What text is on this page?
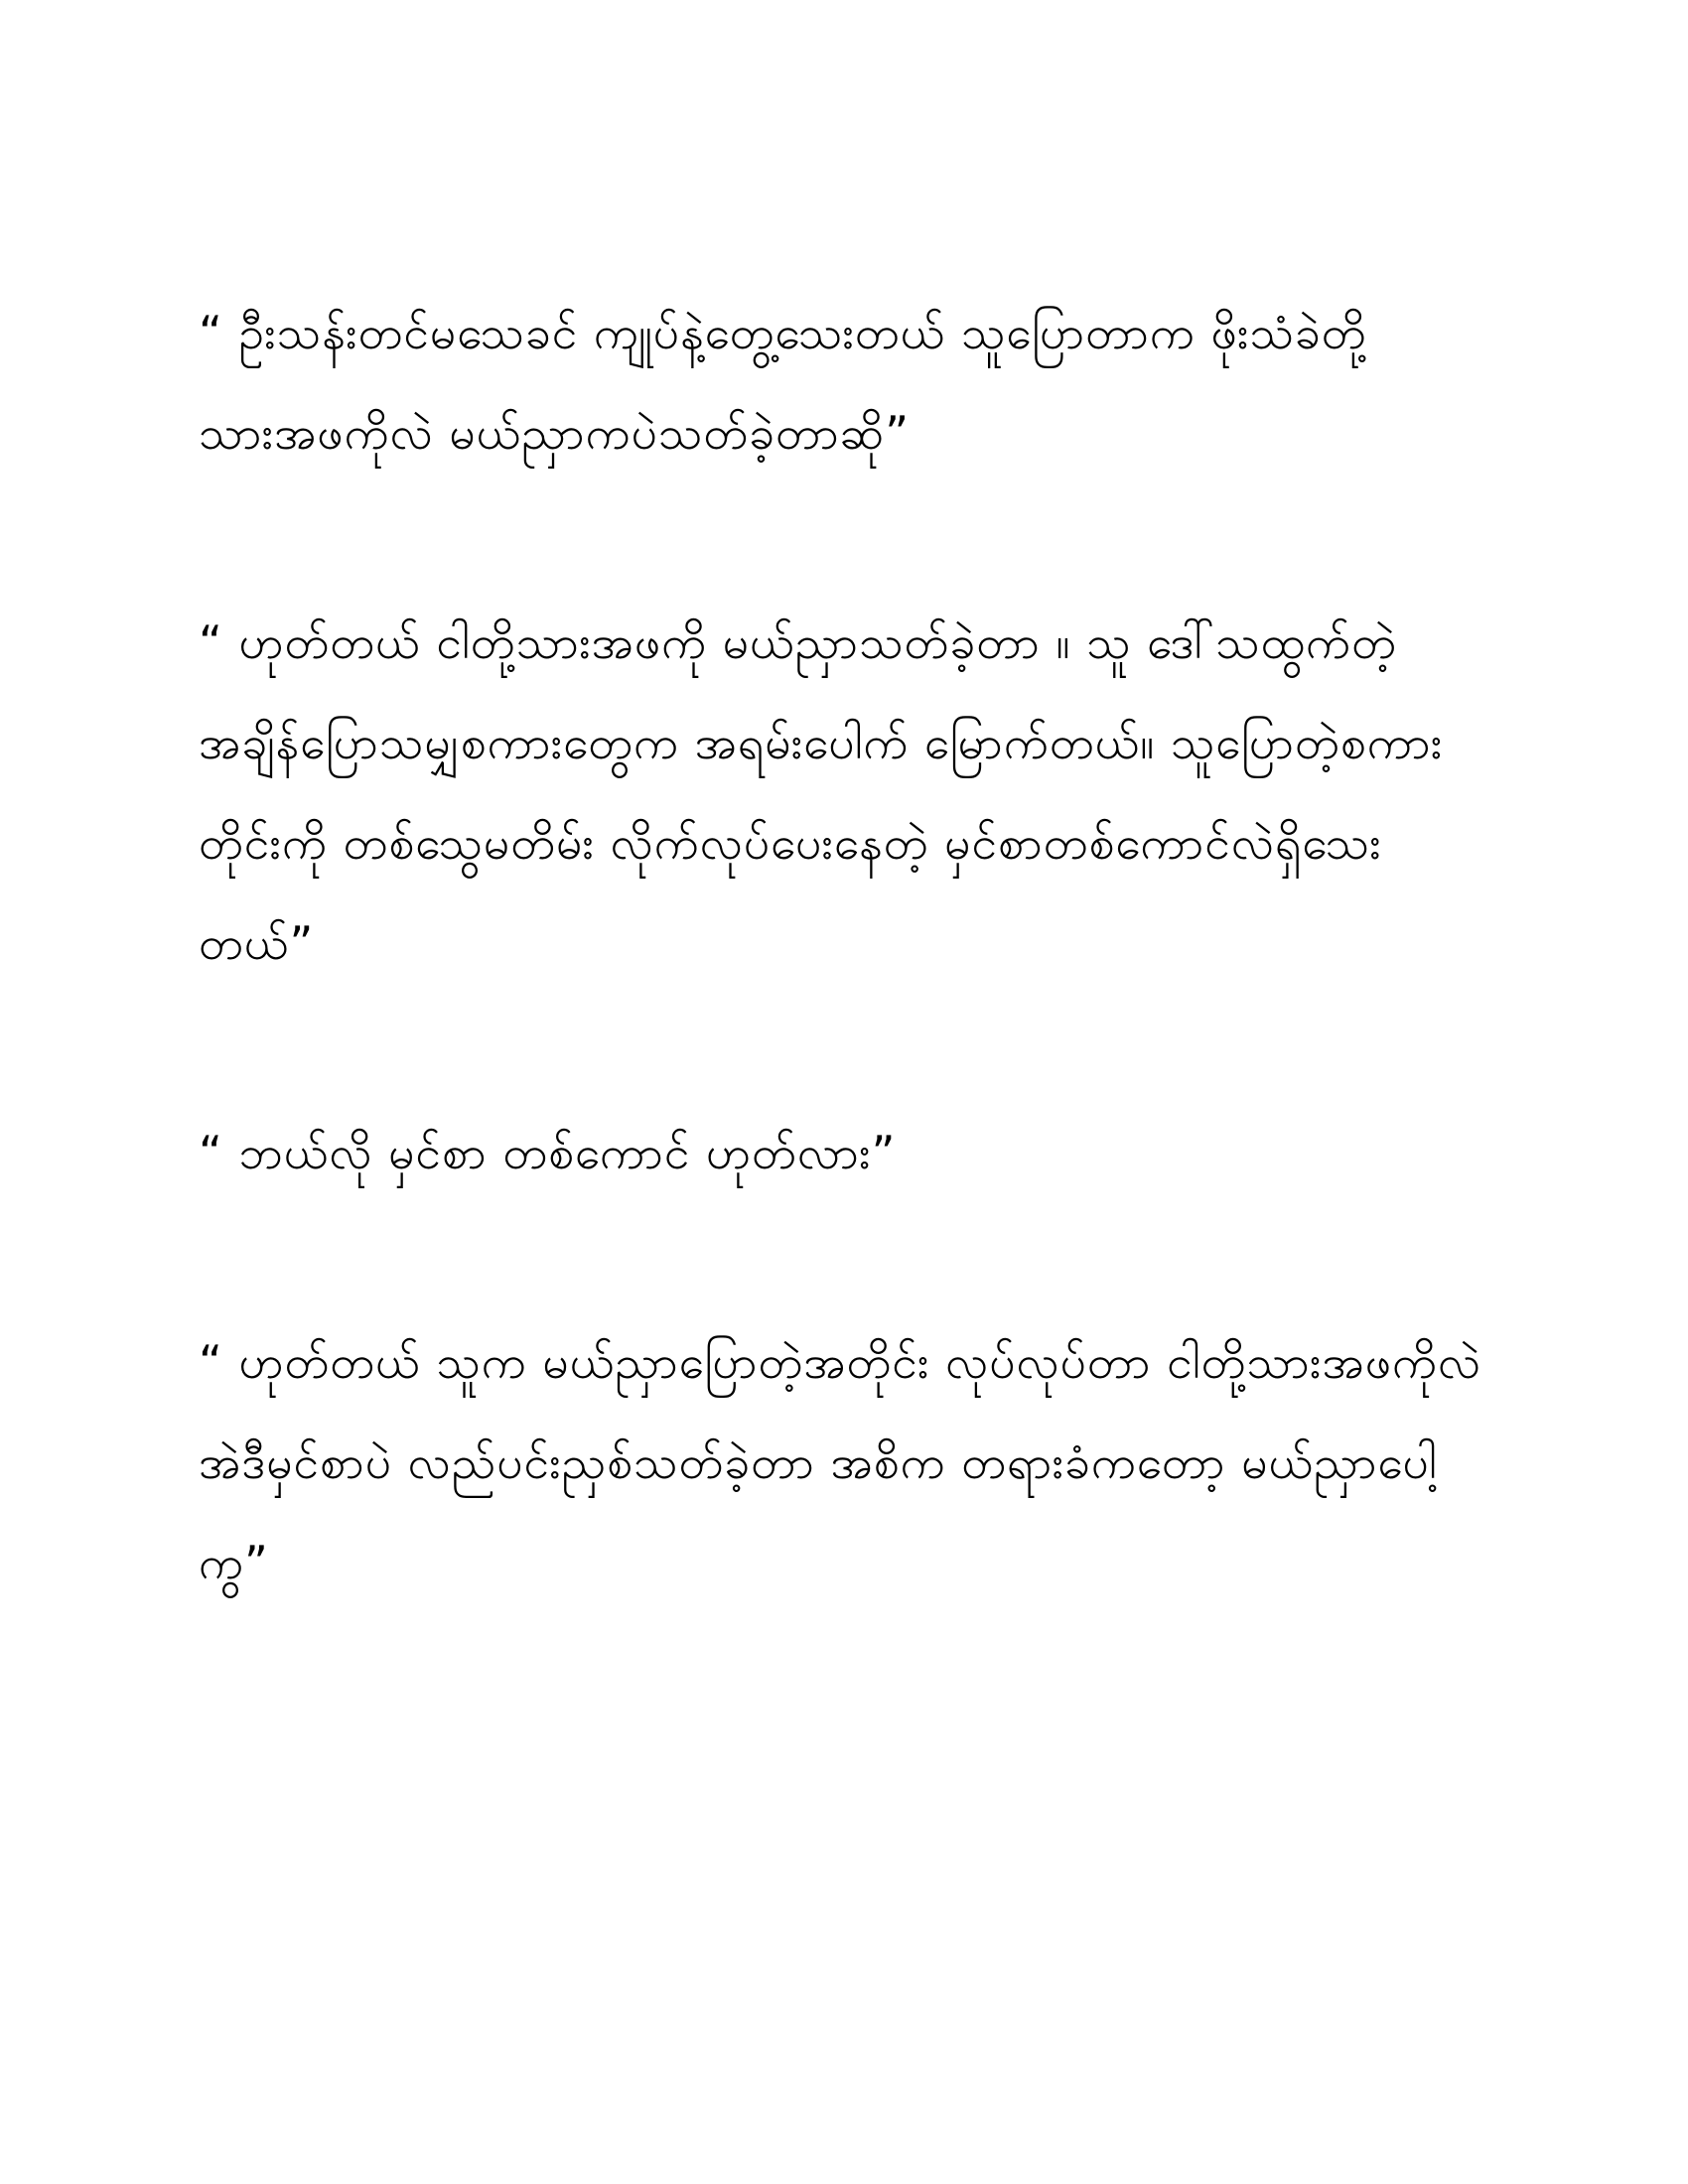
“ ဦးသန်းတင်မသေခင် ကျုပ်နဲ့တွေ့သေးတယ် သူပြောတာက ဖိုးသံခဲတို့သားအဖကိုလဲ မယ်ညှာကပဲသတ်ခဲ့တာဆို”

“ ဟုတ်တယ် ငါတို့သားအဖကို မယ်ညှာသတ်ခဲ့တာ ။ သူ ဒေါ်သထွက်တဲ့အချိန်ပြောသမျှစကားတွေက အရမ်းပေါက် မြောက်တယ်။ သူပြောတဲ့စကားတိုင်းကို တစ်သွေမတိမ်း လိုက်လုပ်ပေးနေတဲ့ မှင်စာတစ်ကောင်လဲရှိသေးတယ်”

“ ဘယ်လို မှင်စာ တစ်ကောင် ဟုတ်လား”

“ ဟုတ်တယ် သူက မယ်ညှာပြောတဲ့အတိုင်း လုပ်လုပ်တာ ငါတို့သားအဖကိုလဲ အဲဒီမှင်စာပဲ လည်ပင်းညှစ်သတ်ခဲ့တာ အစိက တရားခံကတော့ မယ်ညှာပေါ့ကွ”
